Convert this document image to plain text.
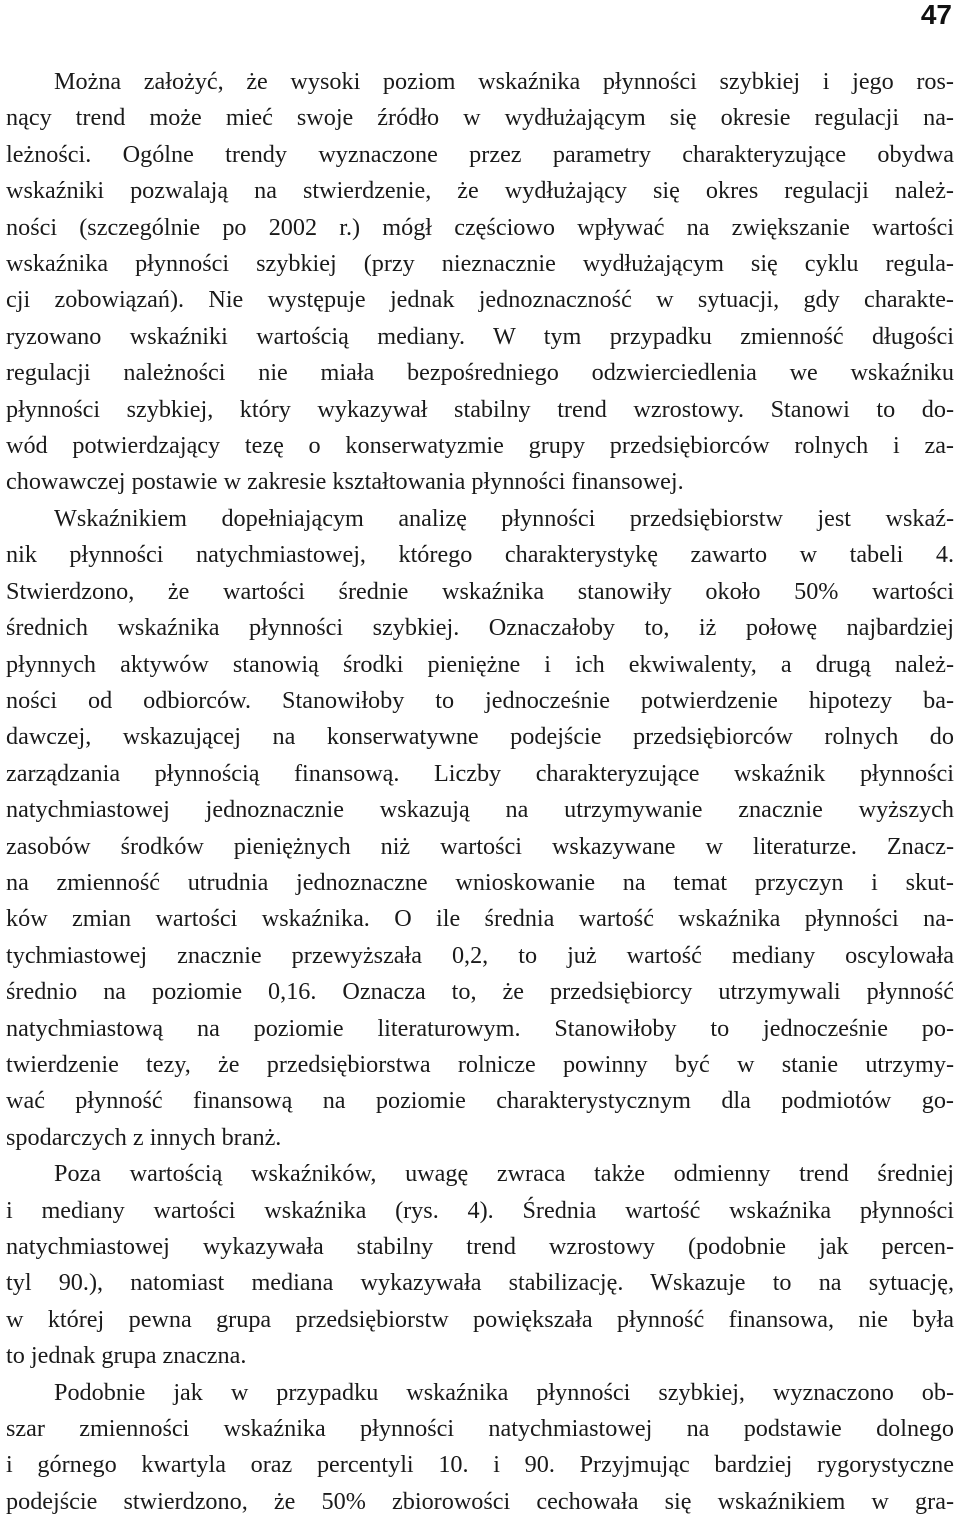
47

Można założyć, że wysoki poziom wskaźnika płynności szybkiej i jego ros-
nący trend może mieć swoje źródło w wydłużającym się okresie regulacji na-
leżności. Ogólne trendy wyznaczone przez parametry charakteryzujące obydwa
wskaźniki pozwalają na stwierdzenie, że wydłużający się okres regulacji należ-
ności (szczególnie po 2002 r.) mógł częściowo wpływać na zwiększanie wartości
wskaźnika płynności szybkiej (przy nieznacznie wydłużającym się cyklu regula-
cji zobowiązań). Nie występuje jednak jednoznaczność w sytuacji, gdy charakte-
ryzowano wskaźniki wartością mediany. W tym przypadku zmienność długości
regulacji należności nie miała bezpośredniego odzwierciedlenia we wskaźniku
płynności szybkiej, który wykazywał stabilny trend wzrostowy. Stanowi to do-
wód potwierdzający tezę o konserwatyzmie grupy przedsiębiorców rolnych i za-
chowawczej postawie w zakresie kształtowania płynności finansowej.

Wskaźnikiem dopełniającym analizę płynności przedsiębiorstw jest wskaź-
nik płynności natychmiastowej, którego charakterystykę zawarto w tabeli 4.
Stwierdzono, że wartości średnie wskaźnika stanowiły około 50% wartości
średnich wskaźnika płynności szybkiej. Oznaczałoby to, iż połowę najbardziej
płynnych aktywów stanowią środki pieniężne i ich ekwiwalenty, a drugą należ-
ności od odbiorców. Stanowiłoby to jednocześnie potwierdzenie hipotezy ba-
dawczej, wskazującej na konserwatywne podejście przedsiębiorców rolnych do
zarządzania płynnością finansową. Liczby charakteryzujące wskaźnik płynności
natychmiastowej jednoznacznie wskazują na utrzymywanie znacznie wyższych
zasobów środków pieniężnych niż wartości wskazywane w literaturze. Znacz-
na zmienność utrudnia jednoznaczne wnioskowanie na temat przyczyn i skut-
ków zmian wartości wskaźnika. O ile średnia wartość wskaźnika płynności na-
tychmiastowej znacznie przewyższała 0,2, to już wartość mediany oscylowała
średnio na poziomie 0,16. Oznacza to, że przedsiębiorcy utrzymywali płynność
natychmiastową na poziomie literaturowym. Stanowiłoby to jednocześnie po-
twierdzenie tezy, że przedsiębiorstwa rolnicze powinny być w stanie utrzymy-
wać płynność finansową na poziomie charakterystycznym dla podmiotów go-
spodarczych z innych branż.

Poza wartością wskaźników, uwagę zwraca także odmienny trend średniej
i mediany wartości wskaźnika (rys. 4). Średnia wartość wskaźnika płynności
natychmiastowej wykazywała stabilny trend wzrostowy (podobnie jak percen-
tyl 90.), natomiast mediana wykazywała stabilizację. Wskazuje to na sytuację,
w której pewna grupa przedsiębiorstw powiększała płynność finansowa, nie była
to jednak grupa znaczna.

Podobnie jak w przypadku wskaźnika płynności szybkiej, wyznaczono ob-
szar zmienności wskaźnika płynności natychmiastowej na podstawie dolnego
i górnego kwartyla oraz percentyli 10. i 90. Przyjmując bardziej rygorystyczne
podejście stwierdzono, że 50% zbiorowości cechowała się wskaźnikiem w gra-
